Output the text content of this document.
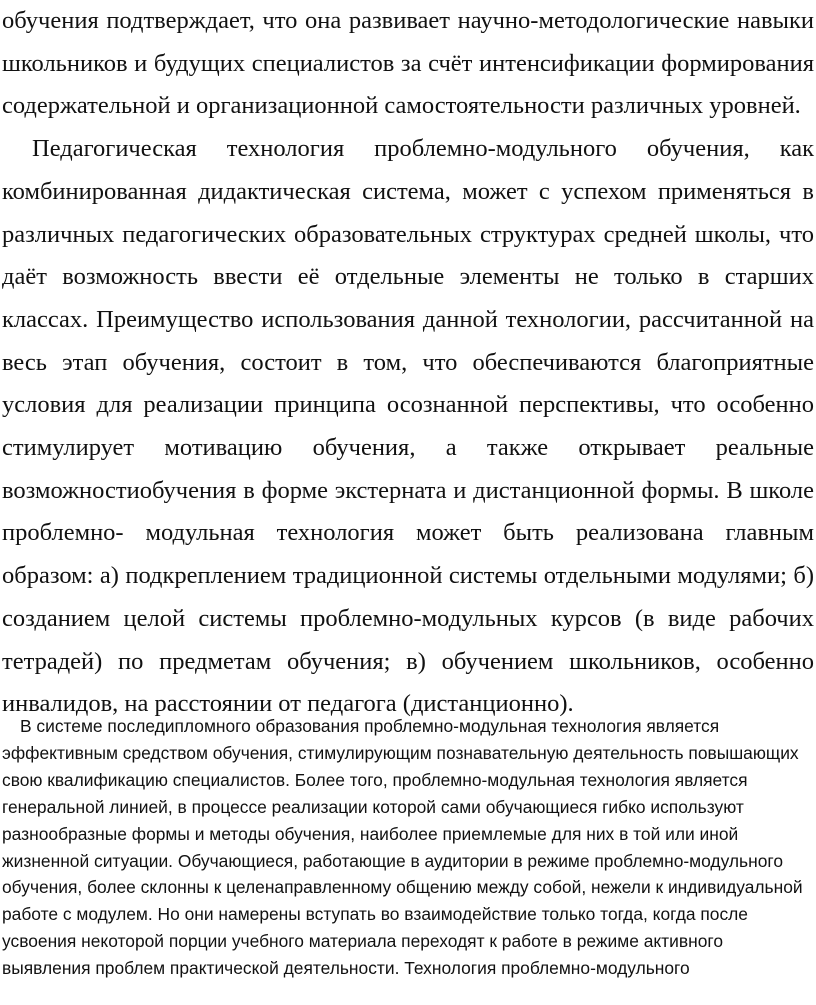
обучения подтверждает, что она развивает научно-методологические навыки школьников и будущих специалистов за счёт интенсификации формирования содержательной и организационной самостоятельности различных уровней.

Педагогическая технология проблемно-модульного обучения, как комбинированная дидактическая система, может с успехом применяться в различных педагогических образовательных структурах средней школы, что даёт возможность ввести её отдельные элементы не только в старших классах. Преимущество использования данной технологии, рассчитанной на весь этап обучения, состоит в том, что обеспечиваются благоприятные условия для реализации принципа осознанной перспективы, что особенно стимулирует мотивацию обучения, а также открывает реальные возможностиобучения в форме экстерната и дистанционной формы. В школе проблемно- модульная технология может быть реализована главным образом: а) подкреплением традиционной системы отдельными модулями; б) созданием целой системы проблемно-модульных курсов (в виде рабочих тетрадей) по предметам обучения; в) обучением школьников, особенно инвалидов, на расстоянии от педагога (дистанционно).

В системе последипломного образования проблемно-модульная технология является эффективным средством обучения, стимулирующим познавательную деятельность повышающих свою квалификацию специалистов. Более того, проблемно-модульная технология является генеральной линией, в процессе реализации которой сами обучающиеся гибко используют разнообразные формы и методы обучения, наиболее приемлемые для них в той или иной жизненной ситуации. Обучающиеся, работающие в аудитории в режиме проблемно-модульного обучения, более склонны к целенаправленному общению между собой, нежели к индивидуальной работе с модулем. Но они намерены вступать во взаимодействие только тогда, когда после усвоения некоторой порции учебного материала переходят к работе в режиме активного выявления проблем практической деятельности. Технология проблемно-модульного
